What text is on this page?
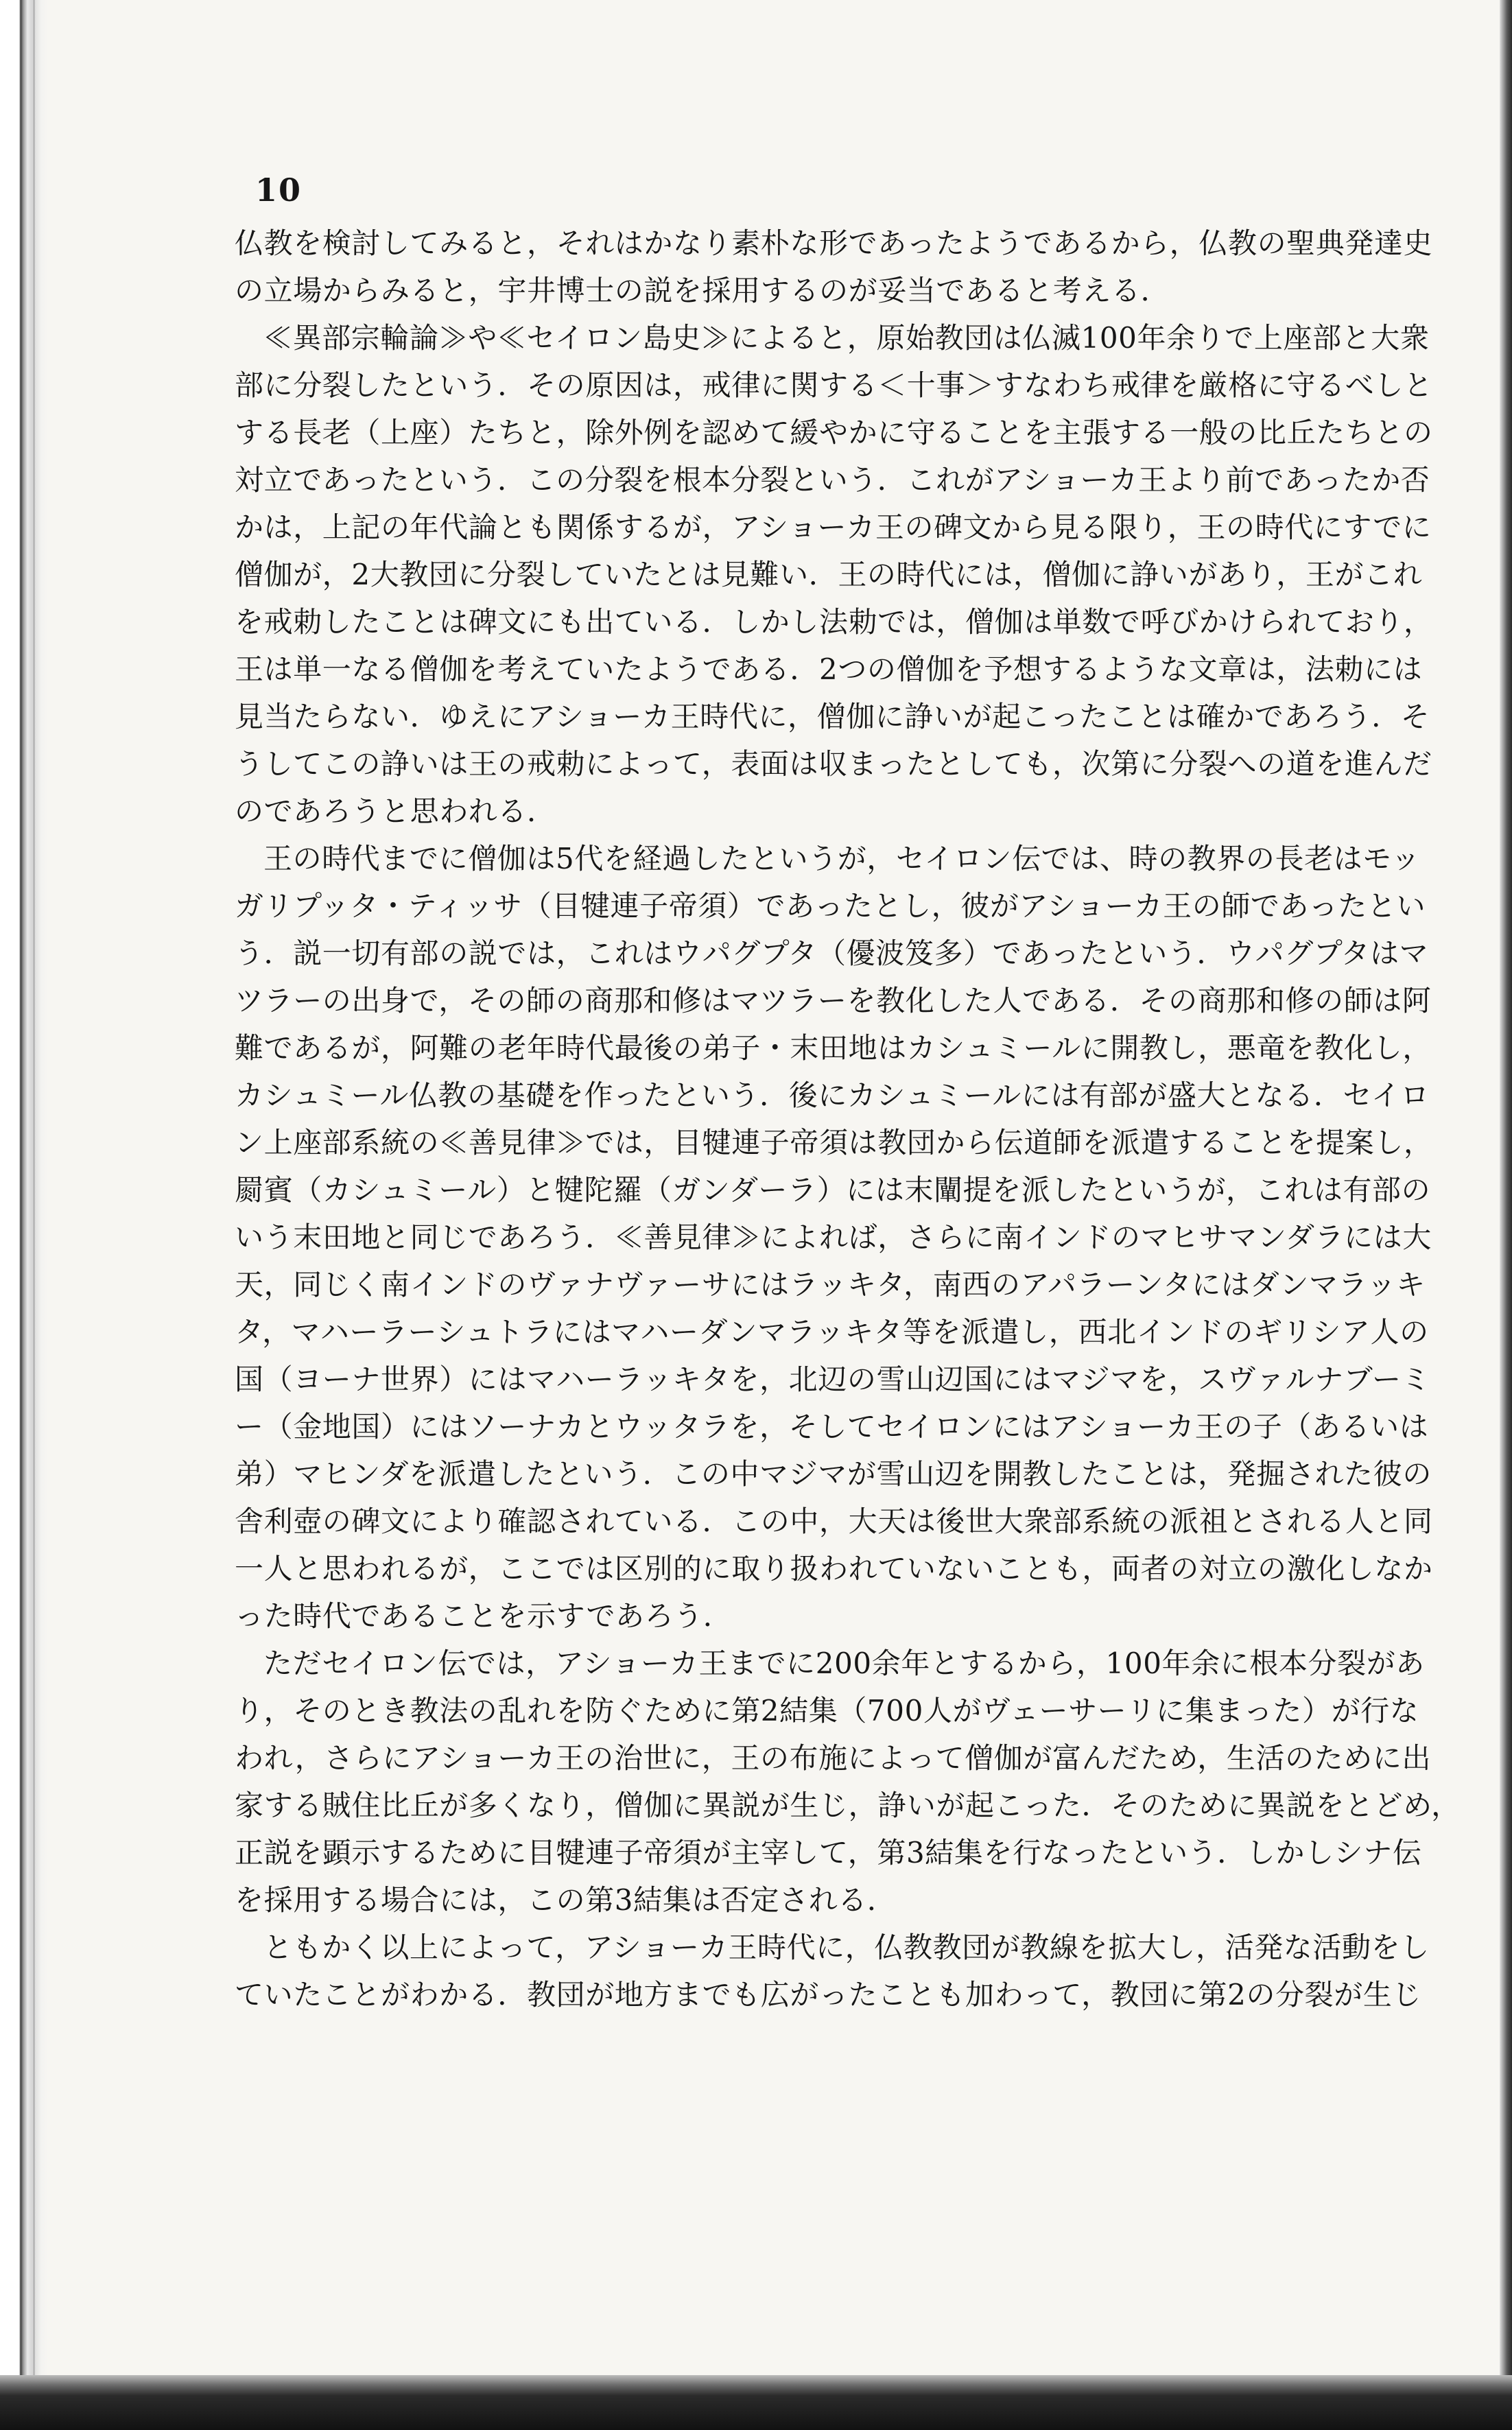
10
仏教を検討してみると，それはかなり素朴な形であったようであるから，仏教の聖典発達史
の立場からみると，宇井博士の説を採用するのが妥当であると考える．
≪異部宗輪論≫や≪セイロン島史≫によると，原始教団は仏滅100年余りで上座部と大衆
部に分裂したという．その原因は，戒律に関する＜十事＞すなわち戒律を厳格に守るべしと
する長老（上座）たちと，除外例を認めて緩やかに守ることを主張する一般の比丘たちとの
対立であったという．この分裂を根本分裂という．これがアショーカ王より前であったか否
かは，上記の年代論とも関係するが，アショーカ王の碑文から見る限り，王の時代にすでに
僧伽が，2大教団に分裂していたとは見難い．王の時代には，僧伽に諍いがあり，王がこれ
を戒勅したことは碑文にも出ている．しかし法勅では，僧伽は単数で呼びかけられており，
王は単一なる僧伽を考えていたようである．2つの僧伽を予想するような文章は，法勅には
見当たらない．ゆえにアショーカ王時代に，僧伽に諍いが起こったことは確かであろう．そ
うしてこの諍いは王の戒勅によって，表面は収まったとしても，次第に分裂への道を進んだ
のであろうと思われる．
王の時代までに僧伽は5代を経過したというが，セイロン伝では、時の教界の長老はモッ
ガリプッタ・ティッサ（目犍連子帝須）であったとし，彼がアショーカ王の師であったとい
う．説一切有部の説では，これはウパグプタ（優波笈多）であったという．ウパグプタはマ
ツラーの出身で，その師の商那和修はマツラーを教化した人である．その商那和修の師は阿
難であるが，阿難の老年時代最後の弟子・末田地はカシュミールに開教し，悪竜を教化し，
カシュミール仏教の基礎を作ったという．後にカシュミールには有部が盛大となる．セイロ
ン上座部系統の≪善見律≫では，目犍連子帝須は教団から伝道師を派遣することを提案し，
罽賓（カシュミール）と犍陀羅（ガンダーラ）には末闡提を派したというが，これは有部の
いう末田地と同じであろう．≪善見律≫によれば，さらに南インドのマヒサマンダラには大
天，同じく南インドのヴァナヴァーサにはラッキタ，南西のアパラーンタにはダンマラッキ
タ，マハーラーシュトラにはマハーダンマラッキタ等を派遣し，西北インドのギリシア人の
国（ヨーナ世界）にはマハーラッキタを，北辺の雪山辺国にはマジマを，スヴァルナブーミ
ー（金地国）にはソーナカとウッタラを，そしてセイロンにはアショーカ王の子（あるいは
弟）マヒンダを派遣したという．この中マジマが雪山辺を開教したことは，発掘された彼の
舎利壺の碑文により確認されている．この中，大天は後世大衆部系統の派祖とされる人と同
一人と思われるが，ここでは区別的に取り扱われていないことも，両者の対立の激化しなか
った時代であることを示すであろう．
ただセイロン伝では，アショーカ王までに200余年とするから，100年余に根本分裂があ
り，そのとき教法の乱れを防ぐために第2結集（700人がヴェーサーリに集まった）が行な
われ，さらにアショーカ王の治世に，王の布施によって僧伽が富んだため，生活のために出
家する賊住比丘が多くなり，僧伽に異説が生じ，諍いが起こった．そのために異説をとどめ，
正説を顕示するために目犍連子帝須が主宰して，第3結集を行なったという．しかしシナ伝
を採用する場合には，この第3結集は否定される．
ともかく以上によって，アショーカ王時代に，仏教教団が教線を拡大し，活発な活動をし
ていたことがわかる．教団が地方までも広がったことも加わって，教団に第2の分裂が生じ
